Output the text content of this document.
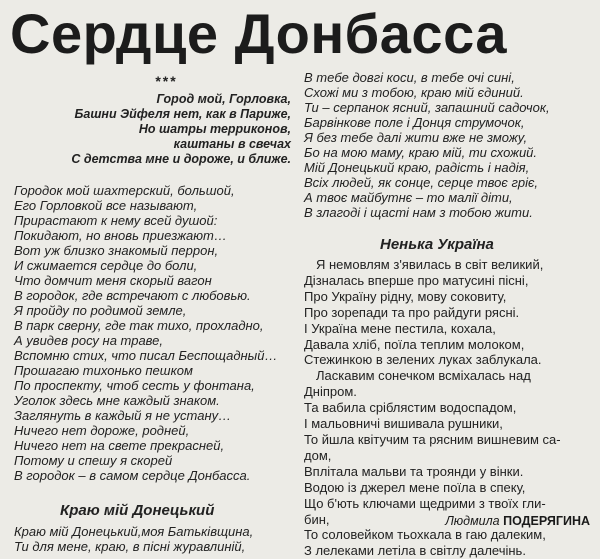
Сердце Донбасса
***
Город мой, Горловка,
Башни Эйфеля нет, как в Париже,
Но шатры терриконов,
каштаны в свечах
С детства мне и дороже, и ближе.
Городок мой шахтерский, большой,
Его Горловкой все называют,
Прирастают к нему всей душой:
Покидают, но вновь приезжают…
Вот уж близко знакомый перрон,
И сжимается сердце до боли,
Что домчит меня скорый вагон
В городок, где встречают с любовью.
Я пройду по родимой земле,
В парк сверну, где так тихо, прохладно,
А увидев росу на траве,
Вспомню стих, что писал Беспощадный…
Прошагаю тихонько пешком
По проспекту, чтоб сесть у фонтана,
Уголок здесь мне каждый знаком.
Заглянуть в каждый я не устану…
Ничего нет дороже, родней,
Ничего нет на свете прекрасней,
Потому и спешу я скорей
В городок – в самом сердце Донбасса.
Краю мій Донецький
Краю мій Донецький,моя Батьківщина,
Ти для мене, краю, в пісні журавлиній,
В тебе довгі коси, в тебе очі сині,
Схожі ми з тобою, краю мій єдиний.
Ти – серпанок ясний, запашний садочок,
Барвінкове поле і Донця струмочок,
Я без тебе далі жити вже не зможу,
Бо на мою маму, краю мій, ти схожий.
Мій Донецький краю, радість і надія,
Всіх людей, як сонце, серце твоє гріє,
А твоє майбутнє – то малії діти,
В злагоді і щасті нам з тобою жити.
Ненька Україна
Я немовлям з'явилась в світ великий,
Дізналась вперше про матусині пісні,
Про Україну рідну, мову соковиту,
Про зорепади та про райдуги рясні.
І Україна мене пестила, кохала,
Давала хліб, поїла теплим молоком,
Стежинкою в зелених луках заблукала.
Ласкавим сонечком всміхалась над
Дніпром.
Та вабила сріблястим водоспадом,
І мальовничі вишивала рушники,
То йшла квітучим та рясним вишневим са-
дом,
Вплітала мальви та троянди у вінки.
Водою із джерел мене поїла в спеку,
Що б'ють ключами щедрими з твоїх гли-
бин,
То соловейком тьохкала в гаю далеким,
З лелеками летіла в світлу далечінь.
Людмила ПОДЕРЯГИНА
